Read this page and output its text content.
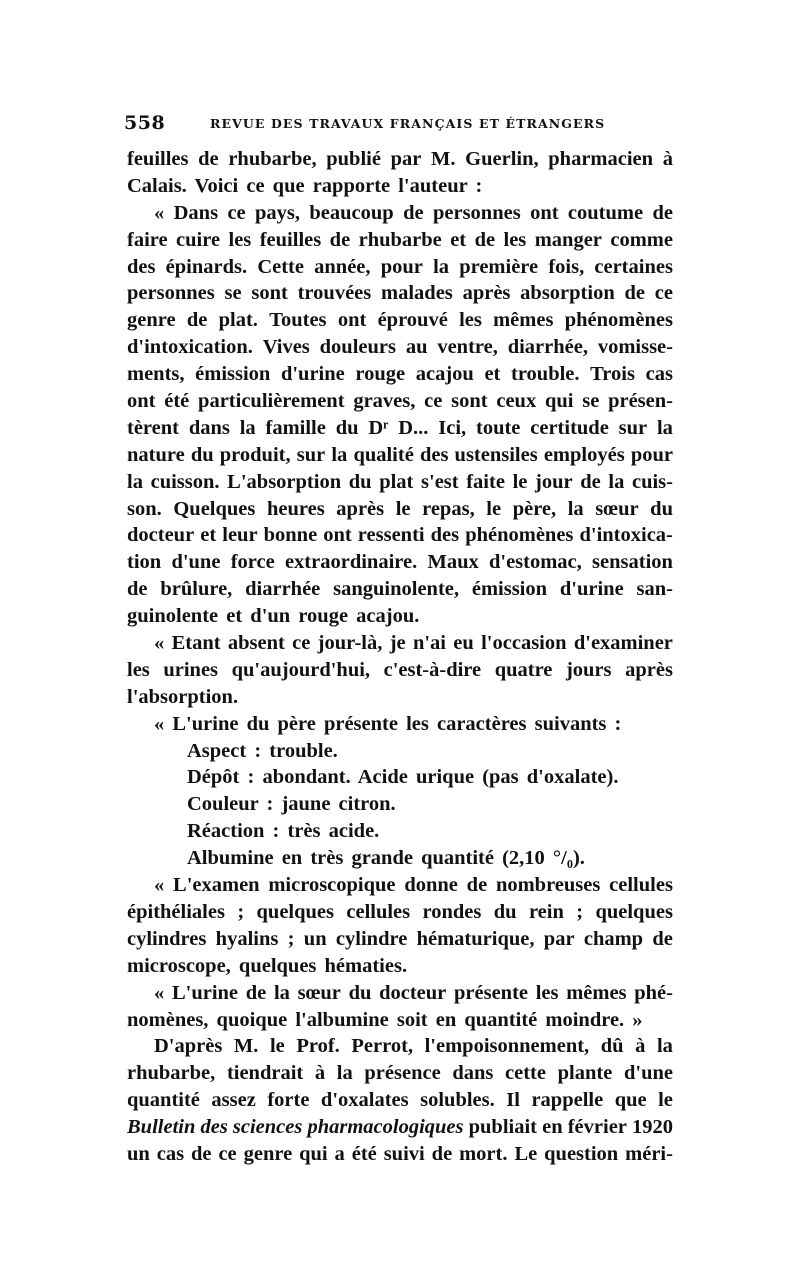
558	REVUE DES TRAVAUX FRANÇAIS ET ÉTRANGERS
feuilles de rhubarbe, publié par M. Guerlin, pharmacien à
Calais. Voici ce que rapporte l'auteur :
« Dans ce pays, beaucoup de personnes ont coutume de
faire cuire les feuilles de rhubarbe et de les manger comme
des épinards. Cette année, pour la première fois, certaines
personnes se sont trouvées malades après absorption de ce
genre de plat. Toutes ont éprouvé les mêmes phénomènes
d'intoxication. Vives douleurs au ventre, diarrhée, vomisse-
ments, émission d'urine rouge acajou et trouble. Trois cas
ont été particulièrement graves, ce sont ceux qui se présen-
tèrent dans la famille du Dʳ D... Ici, toute certitude sur la
nature du produit, sur la qualité des ustensiles employés pour
la cuisson. L'absorption du plat s'est faite le jour de la cuis-
son. Quelques heures après le repas, le père, la sœur du
docteur et leur bonne ont ressenti des phénomènes d'intoxica-
tion d'une force extraordinaire. Maux d'estomac, sensation
de brûlure, diarrhée sanguinolente, émission d'urine san-
guinolente et d'un rouge acajou.
« Etant absent ce jour-là, je n'ai eu l'occasion d'examiner
les urines qu'aujourd'hui, c'est-à-dire quatre jours après
l'absorption.
« L'urine du père présente les caractères suivants :
Aspect : trouble.
Dépôt : abondant. Acide urique (pas d'oxalate).
Couleur : jaune citron.
Réaction : très acide.
Albumine en très grande quantité (2,10 °/₀).
« L'examen microscopique donne de nombreuses cellules
épithéliales ; quelques cellules rondes du rein ; quelques
cylindres hyalins ; un cylindre hématurique, par champ de
microscope, quelques hématies.
« L'urine de la sœur du docteur présente les mêmes phé-
nomènes, quoique l'albumine soit en quantité moindre. »
D'après M. le Prof. Perrot, l'empoisonnement, dû à la
rhubarbe, tiendrait à la présence dans cette plante d'une
quantité assez forte d'oxalates solubles. Il rappelle que le
Bulletin des sciences pharmacologiques publiait en février 1920
un cas de ce genre qui a été suivi de mort. Le question méri-
